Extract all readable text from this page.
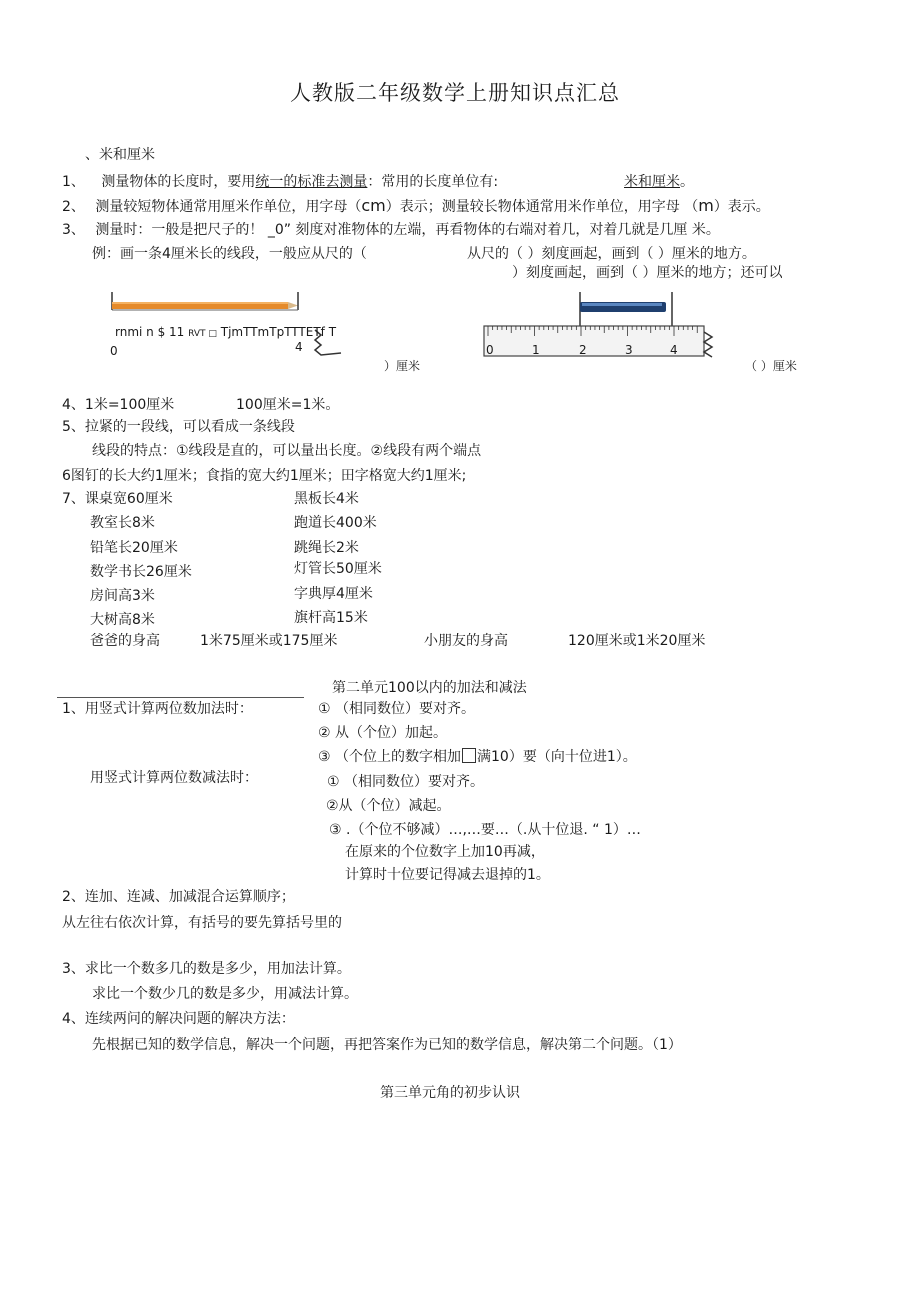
人教版二年级数学上册知识点汇总
、米和厘米
1、 测量物体的长度时，要用统一的标准去测量：常用的长度单位有:	米和厘米。
2、 测量较短物体通常用厘米作单位，用字母（cm）表示；测量较长物体通常用米作单位，用字母 （m）表示。
3、 测量时：一般是把尺子的！ _0” 刻度对准物体的左端，再看物体的右端对着几，对着几就是几厘 米。
例：画一条4厘米长的线段，一般应从尺的（	从尺的（ ）刻度画起，画到（ ）厘米的地方。
）刻度画起，画到（ ）厘米的地方；还可以
rnmi n $ 11 RVT □ TjmTTmTpTTTETf T
0	4
）厘米
0	1	2	3	4
（ ）厘米
4、1米=100厘米	100厘米=1米。
5、拉紧的一段线，可以看成一条线段
线段的特点：①线段是直的，可以量出长度。②线段有两个端点
6图钉的长大约1厘米；食指的宽大约1厘米；田字格宽大约1厘米;
7、课桌宽60厘米	黑板长4米
教室长8米	跑道长400米
铅笔长20厘米	跳绳长2米
数学书长26厘米	灯管长50厘米
房间高3米	字典厚4厘米
大树高8米	旗杆高15米
爸爸的身高	1米75厘米或175厘米	小朋友的身高	120厘米或1米20厘米
第二单元100以内的加法和减法
1、用竖式计算两位数加法时：	① （相同数位）要对齐。
② 从（个位）加起。
③ （个位上的数字相加 满10）要（向十位进1）。
用竖式计算两位数减法时：	① （相同数位）要对齐。
②从（个位）减起。
③ .（个位不够减）…,…要…（.从十位退. “ 1）…
在原来的个位数字上加10再减，
计算时十位要记得减去退掉的1。
2、连加、连减、加减混合运算顺序；
从左往右依次计算，有括号的要先算括号里的
3、求比一个数多几的数是多少，用加法计算。
求比一个数少几的数是多少，用减法计算。
4、连续两问的解决问题的解决方法：
先根据已知的数学信息，解决一个问题，再把答案作为已知的数学信息，解决第二个问题。（1）
第三单元角的初步认识
